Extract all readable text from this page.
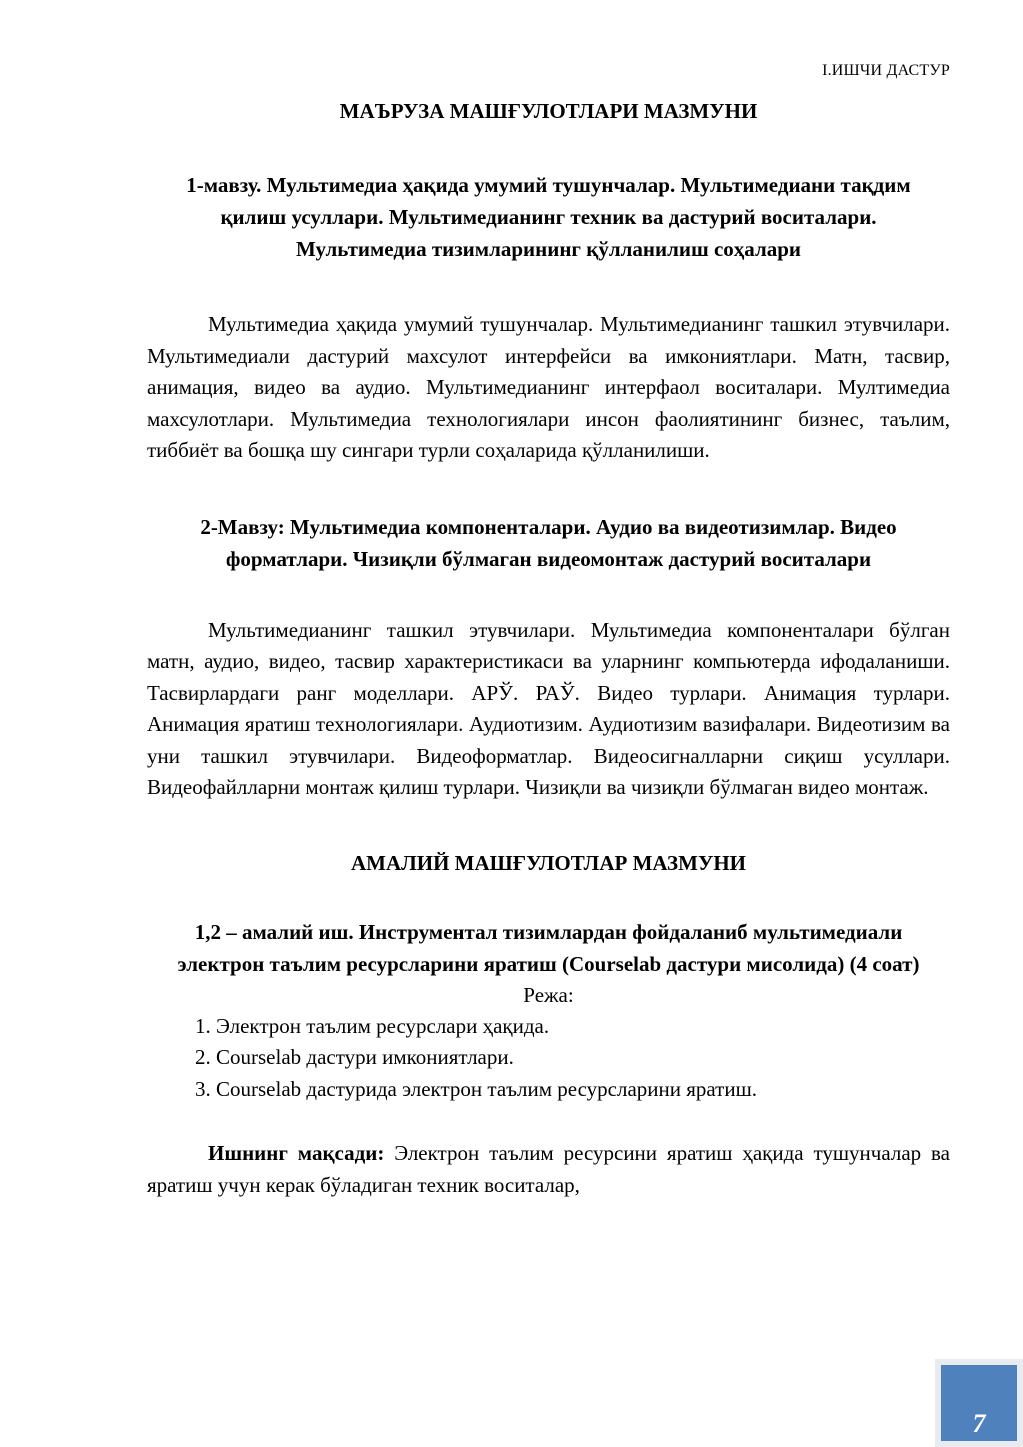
І.ИШЧИ ДАСТУР
МАЪРУЗА МАШҒУЛОТЛАРИ МАЗМУНИ
1-мавзу. Мультимедиа ҳақида умумий тушунчалар. Мультимедиани тақдим қилиш усуллари. Мультимедианинг техник ва дастурий воситалари. Мультимедиа тизимларининг қўлланилиш соҳалари

Мультимедиа ҳақида умумий тушунчалар. Мультимедианинг ташкил этувчилари. Мультимедиали дастурий махсулот интерфейси ва имкониятлари. Матн, тасвир, анимация, видео ва аудио. Мультимедианинг интерфаол воситалари. Мултимедиа махсулотлари. Мультимедиа технологиялари инсон фаолиятининг бизнес, таълим, тиббиёт ва бошқа шу сингари турли соҳаларида қўлланилиши.

2-Мавзу: Мультимедиа компоненталари. Аудио ва видеотизимлар. Видео форматлари. Чизиқли бўлмаган видеомонтаж дастурий воситалари

Мультимедианинг ташкил этувчилари. Мультимедиа компоненталари бўлган матн, аудио, видео, тасвир характеристикаси ва уларнинг компьютерда ифодаланиши. Тасвирлардаги ранг моделлари. АРЎ. РАЎ. Видео турлари. Анимация турлари. Анимация яратиш технологиялари. Аудиотизим. Аудиотизим вазифалари. Видеотизим ва уни ташкил этувчилари. Видеоформатлар. Видеосигналларни сиқиш усуллари. Видеофайлларни монтаж қилиш турлари. Чизиқли ва чизиқли бўлмаган видео монтаж.

АМАЛИЙ МАШҒУЛОТЛАР МАЗМУНИ
1,2 – амалий иш. Инструментал тизимлардан фойдаланиб мультимедиали электрон таълим ресурсларини яратиш (Courselab дастури мисолида) (4 соат)

Режа:

1. Электрон таълим ресурслари ҳақида.
2. Courselab дастури имкониятлари.
3. Courselab дастурида электрон таълим ресурсларини яратиш.

Ишнинг мақсади: Электрон таълим ресурсини яратиш ҳақида тушунчалар ва яратиш учун керак бўладиган техник воситалар,

7
